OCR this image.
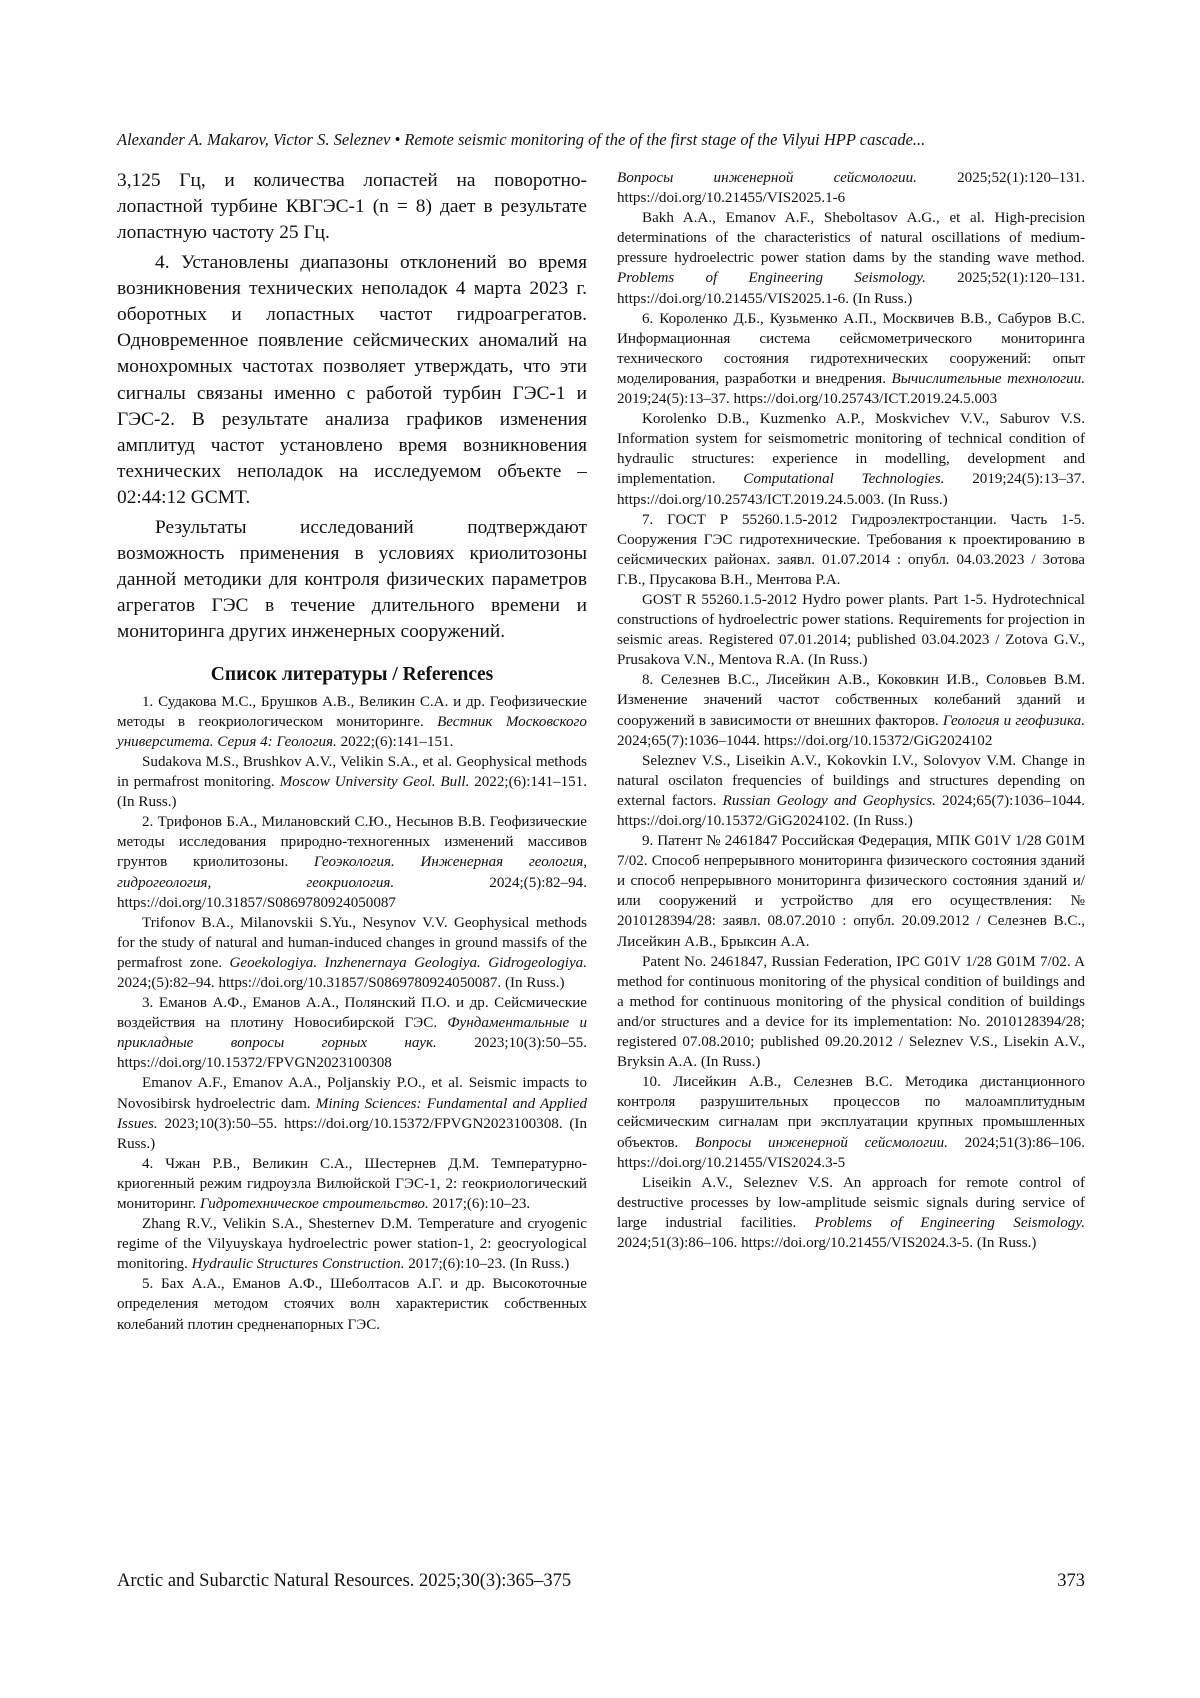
Alexander A. Makarov, Victor S. Seleznev • Remote seismic monitoring of the of the first stage of the Vilyui HPP cascade...

3,125 Гц, и количества лопастей на поворотно-лопастной турбине КВГЭС-1 (n = 8) дает в результате лопастную частоту 25 Гц.

4. Установлены диапазоны отклонений во время возникновения технических неполадок 4 марта 2023 г. оборотных и лопастных частот гидроагрегатов. Одновременное появление сейсмических аномалий на монохромных частотах позволяет утверждать, что эти сигналы связаны именно с работой турбин ГЭС-1 и ГЭС-2. В результате анализа графиков изменения амплитуд частот установлено время возникновения технических неполадок на исследуемом объекте – 02:44:12 GCMT.

Результаты исследований подтверждают возможность применения в условиях криолитозоны данной методики для контроля физических параметров агрегатов ГЭС в течение длительного времени и мониторинга других инженерных сооружений.

Список литературы / References

1. Судакова М.С., Брушков А.В., Великин С.А. и др. Геофизические методы в геокриологическом мониторинге. Вестник Московского университета. Серия 4: Геология. 2022;(6):141–151.

Sudakova M.S., Brushkov A.V., Velikin S.A., et al. Geophysical methods in permafrost monitoring. Moscow University Geol. Bull. 2022;(6):141–151. (In Russ.)

2. Трифонов Б.А., Милановский С.Ю., Несынов В.В. Геофизические методы исследования природно-техногенных изменений массивов грунтов криолитозоны. Геоэкология. Инженерная геология, гидрогеология, геокриология. 2024;(5):82–94. https://doi.org/10.31857/S0869780924050087

Trifonov B.A., Milanovskii S.Yu., Nesynov V.V. Geophysical methods for the study of natural and human-induced changes in ground massifs of the permafrost zone. Geoekologiya. Inzhenernaya Geologiya. Gidrogeologiya. 2024;(5):82–94. https://doi.org/10.31857/S0869780924050087. (In Russ.)

3. Еманов А.Ф., Еманов А.А., Полянский П.О. и др. Сейсмические воздействия на плотину Новосибирской ГЭС. Фундаментальные и прикладные вопросы горных наук. 2023;10(3):50–55. https://doi.org/10.15372/FPVGN2023100308

Emanov A.F., Emanov A.A., Poljanskiy P.O., et al. Seismic impacts to Novosibirsk hydroelectric dam. Mining Sciences: Fundamental and Applied Issues. 2023;10(3):50–55. https://doi.org/10.15372/FPVGN2023100308. (In Russ.)

4. Чжан Р.В., Великин С.А., Шестернев Д.М. Температурно-криогенный режим гидроузла Вилюйской ГЭС-1, 2: геокриологический мониторинг. Гидротехническое строительство. 2017;(6):10–23.

Zhang R.V., Velikin S.A., Shesternev D.M. Temperature and cryogenic regime of the Vilyuyskaya hydroelectric power station-1, 2: geocryological monitoring. Hydraulic Structures Construction. 2017;(6):10–23. (In Russ.)

5. Бах А.А., Еманов А.Ф., Шеболтасов А.Г. и др. Высокоточные определения методом стоячих волн характеристик собственных колебаний плотин средненапорных ГЭС.

Вопросы инженерной сейсмологии. 2025;52(1):120–131. https://doi.org/10.21455/VIS2025.1-6

Bakh A.A., Emanov A.F., Sheboltasov A.G., et al. High-precision determinations of the characteristics of natural oscillations of medium-pressure hydroelectric power station dams by the standing wave method. Problems of Engineering Seismology. 2025;52(1):120–131. https://doi.org/10.21455/VIS2025.1-6. (In Russ.)

6. Короленко Д.Б., Кузьменко А.П., Москвичев В.В., Сабуров В.С. Информационная система сейсмометрического мониторинга технического состояния гидротехнических сооружений: опыт моделирования, разработки и внедрения. Вычислительные технологии. 2019;24(5):13–37. https://doi.org/10.25743/ICT.2019.24.5.003

Korolenko D.B., Kuzmenko A.P., Moskvichev V.V., Saburov V.S. Information system for seismometric monitoring of technical condition of hydraulic structures: experience in modelling, development and implementation. Computational Technologies. 2019;24(5):13–37. https://doi.org/10.25743/ICT.2019.24.5.003. (In Russ.)

7. ГОСТ Р 55260.1.5-2012 Гидроэлектростанции. Часть 1-5. Сооружения ГЭС гидротехнические. Требования к проектированию в сейсмических районах. заявл. 01.07.2014 : опубл. 04.03.2023 / Зотова Г.В., Прусакова В.Н., Ментова Р.А.

GOST R 55260.1.5-2012 Hydro power plants. Part 1-5. Hydrotechnical constructions of hydroelectric power stations. Requirements for projection in seismic areas. Registered 07.01.2014; published 03.04.2023 / Zotova G.V., Prusakova V.N., Mentova R.A. (In Russ.)

8. Селезнев В.С., Лисейкин А.В., Коковкин И.В., Соловьев В.М. Изменение значений частот собственных колебаний зданий и сооружений в зависимости от внешних факторов. Геология и геофизика. 2024;65(7):1036–1044. https://doi.org/10.15372/GiG2024102

Seleznev V.S., Liseikin A.V., Kokovkin I.V., Solovyov V.M. Change in natural oscilaton frequencies of buildings and structures depending on external factors. Russian Geology and Geophysics. 2024;65(7):1036–1044. https://doi.org/10.15372/GiG2024102. (In Russ.)

9. Патент № 2461847 Российская Федерация, МПК G01V 1/28 G01M 7/02. Способ непрерывного мониторинга физического состояния зданий и способ непрерывного мониторинга физического состояния зданий и/или сооружений и устройство для его осуществления: № 2010128394/28: заявл. 08.07.2010 : опубл. 20.09.2012 / Селезнев В.С., Лисейкин А.В., Брыксин А.А.

Patent No. 2461847, Russian Federation, IPC G01V 1/28 G01M 7/02. A method for continuous monitoring of the physical condition of buildings and a method for continuous monitoring of the physical condition of buildings and/or structures and a device for its implementation: No. 2010128394/28; registered 07.08.2010; published 09.20.2012 / Seleznev V.S., Lisekin A.V., Bryksin A.A. (In Russ.)

10. Лисейкин А.В., Селезнев В.С. Методика дистанционного контроля разрушительных процессов по малоамплитудным сейсмическим сигналам при эксплуатации крупных промышленных объектов. Вопросы инженерной сейсмологии. 2024;51(3):86–106. https://doi.org/10.21455/VIS2024.3-5

Liseikin A.V., Seleznev V.S. An approach for remote control of destructive processes by low-amplitude seismic signals during service of large industrial facilities. Problems of Engineering Seismology. 2024;51(3):86–106. https://doi.org/10.21455/VIS2024.3-5. (In Russ.)

Arctic and Subarctic Natural Resources. 2025;30(3):365–375	373
